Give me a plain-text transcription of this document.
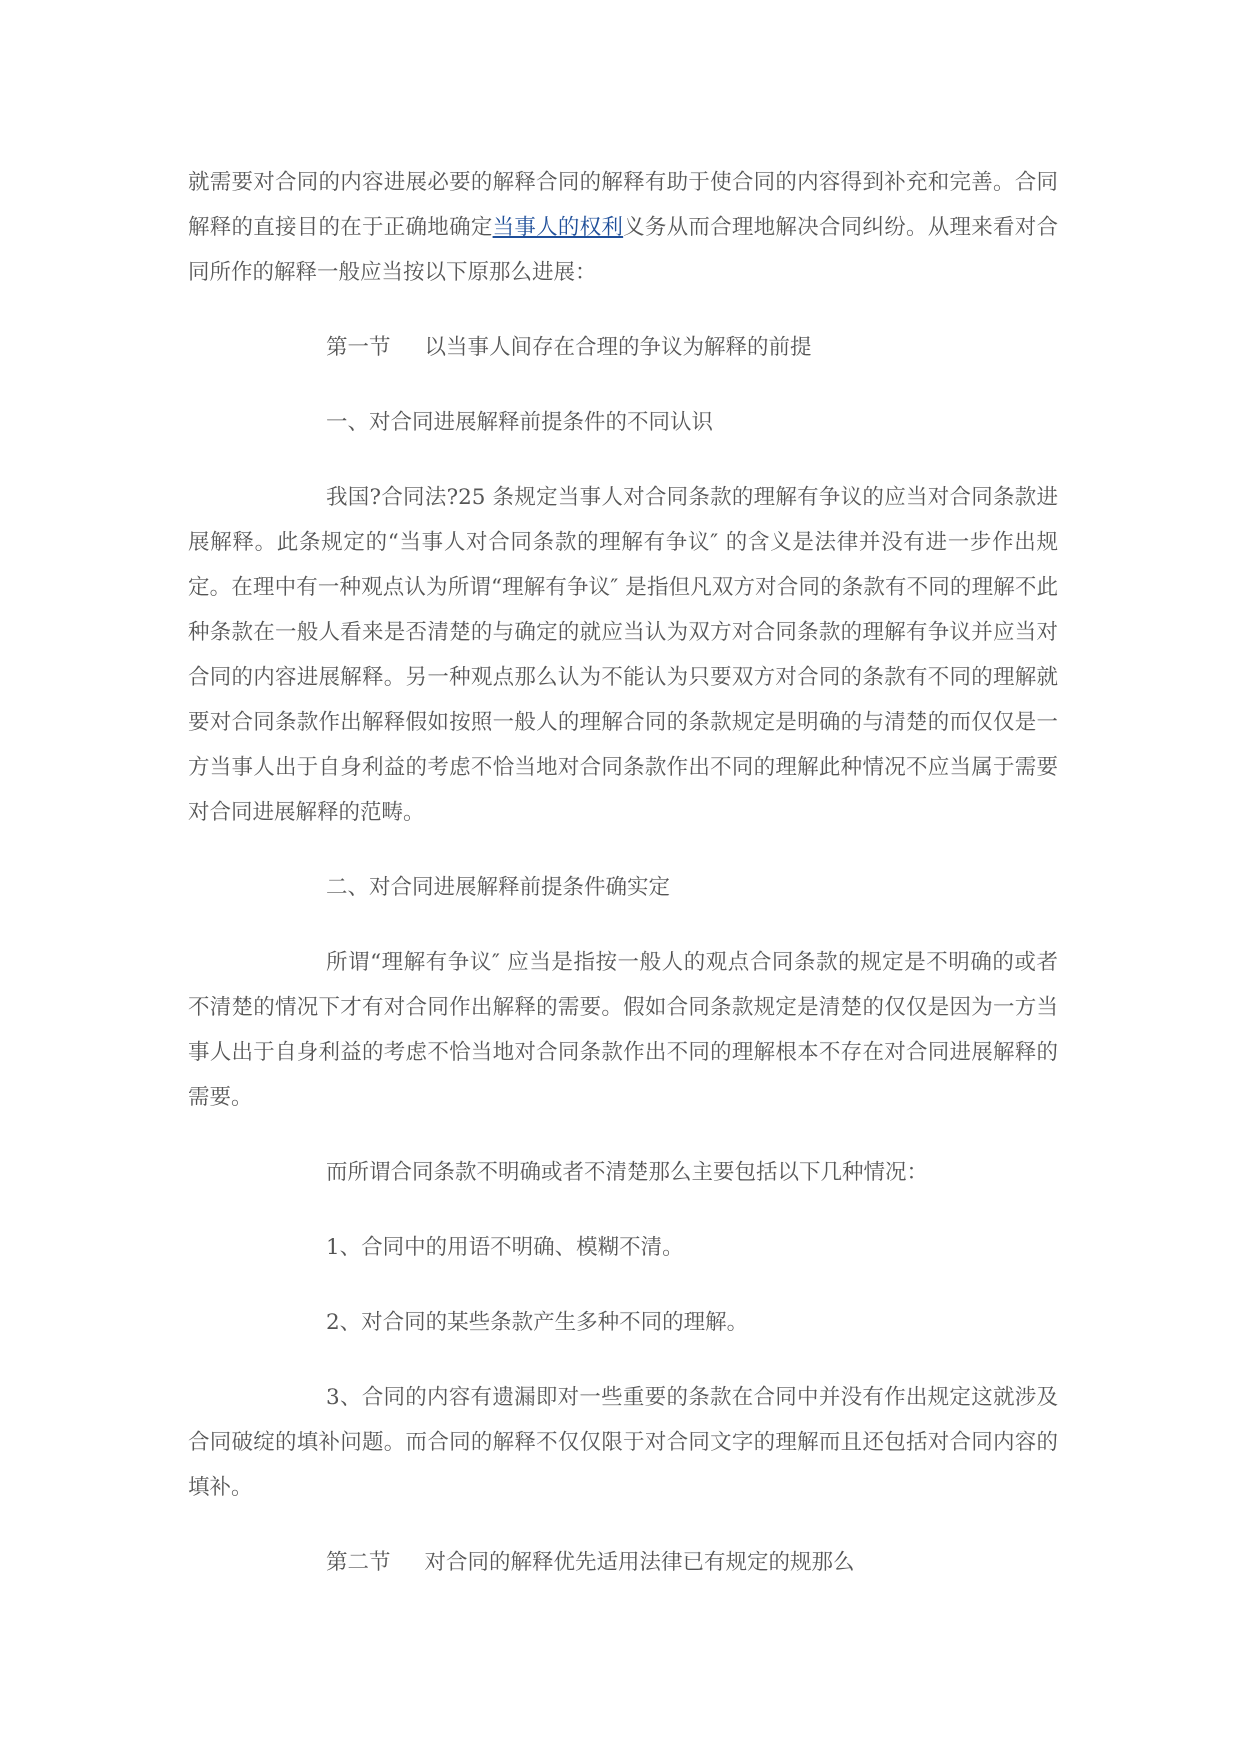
就需要对合同的内容进展必要的解释合同的解释有助于使合同的内容得到补充和完善。合同解释的直接目的在于正确地确定当事人的权利义务从而合理地解决合同纠纷。从理来看对合同所作的解释一般应当按以下原那么进展：

第一节 以当事人间存在合理的争议为解释的前提

一、对合同进展解释前提条件的不同认识

我国?合同法?25 条规定当事人对合同条款的理解有争议的应当对合同条款进展解释。此条规定的“当事人对合同条款的理解有争议″ 的含义是法律并没有进一步作出规定。在理中有一种观点认为所谓“理解有争议″ 是指但凡双方对合同的条款有不同的理解不此种条款在一般人看来是否清楚的与确定的就应当认为双方对合同条款的理解有争议并应当对合同的内容进展解释。另一种观点那么认为不能认为只要双方对合同的条款有不同的理解就要对合同条款作出解释假如按照一般人的理解合同的条款规定是明确的与清楚的而仅仅是一方当事人出于自身利益的考虑不恰当地对合同条款作出不同的理解此种情况不应当属于需要对合同进展解释的范畴。

二、对合同进展解释前提条件确实定

所谓“理解有争议″ 应当是指按一般人的观点合同条款的规定是不明确的或者不清楚的情况下才有对合同作出解释的需要。假如合同条款规定是清楚的仅仅是因为一方当事人出于自身利益的考虑不恰当地对合同条款作出不同的理解根本不存在对合同进展解释的需要。

而所谓合同条款不明确或者不清楚那么主要包括以下几种情况：

1、合同中的用语不明确、模糊不清。

2、对合同的某些条款产生多种不同的理解。

3、合同的内容有遗漏即对一些重要的条款在合同中并没有作出规定这就涉及合同破绽的填补问题。而合同的解释不仅仅限于对合同文字的理解而且还包括对合同内容的填补。

第二节 对合同的解释优先适用法律已有规定的规那么
